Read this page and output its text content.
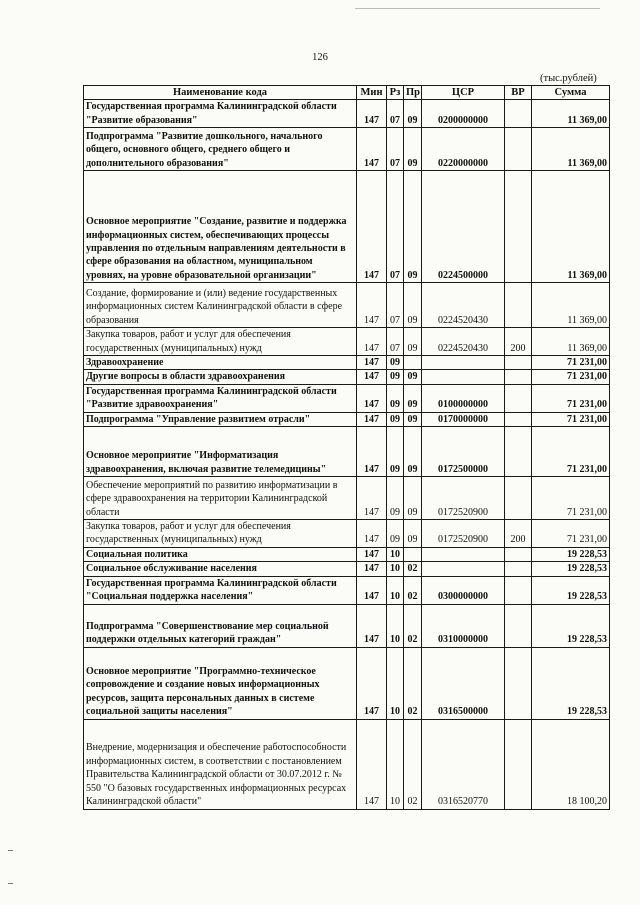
126
(тыс.рублей)
Наименование кода	Мин	Рз	Пр	ЦСР	ВР	Сумма
Государственная программа Калининградской области "Развитие образования"	147	07	09	0200000000		11 369,00
Подпрограмма "Развитие дошкольного, начального общего, основного общего, среднего общего и дополнительного образования"	147	07	09	0220000000		11 369,00
Основное мероприятие "Создание, развитие и поддержка информационных систем, обеспечивающих процессы управления по отдельным направлениям деятельности в сфере образования на областном, муниципальном уровнях, на уровне образовательной организации"	147	07	09	0224500000		11 369,00
Создание, формирование и (или) ведение государственных информационных систем Калининградской области в сфере образования	147	07	09	0224520430		11 369,00
Закупка товаров, работ и услуг для обеспечения государственных (муниципальных) нужд	147	07	09	0224520430	200	11 369,00
Здравоохранение	147	09				71 231,00
Другие вопросы в области здравоохранения	147	09	09			71 231,00
Государственная программа Калининградской области "Развитие здравоохранения"	147	09	09	0100000000		71 231,00
Подпрограмма "Управление развитием отрасли"	147	09	09	0170000000		71 231,00
Основное мероприятие "Информатизация здравоохранения, включая развитие телемедицины"	147	09	09	0172500000		71 231,00
Обеспечение мероприятий по развитию информатизации в сфере здравоохранения на территории Калининградской области	147	09	09	0172520900		71 231,00
Закупка товаров, работ и услуг для обеспечения государственных (муниципальных) нужд	147	09	09	0172520900	200	71 231,00
Социальная политика	147	10				19 228,53
Социальное обслуживание населения	147	10	02			19 228,53
Государственная программа Калининградской области "Социальная поддержка населения"	147	10	02	0300000000		19 228,53
Подпрограмма "Совершенствование мер социальной поддержки отдельных категорий граждан"	147	10	02	0310000000		19 228,53
Основное мероприятие "Программно-техническое сопровождение и создание новых информационных ресурсов, защита персональных данных в системе социальной защиты населения"	147	10	02	0316500000		19 228,53
Внедрение, модернизация и обеспечение работоспособности информационных систем, в соответствии с постановлением Правительства Калининградской области от 30.07.2012 г. № 550 "О базовых государственных информационных ресурсах Калининградской области"	147	10	02	0316520770		18 100,20
